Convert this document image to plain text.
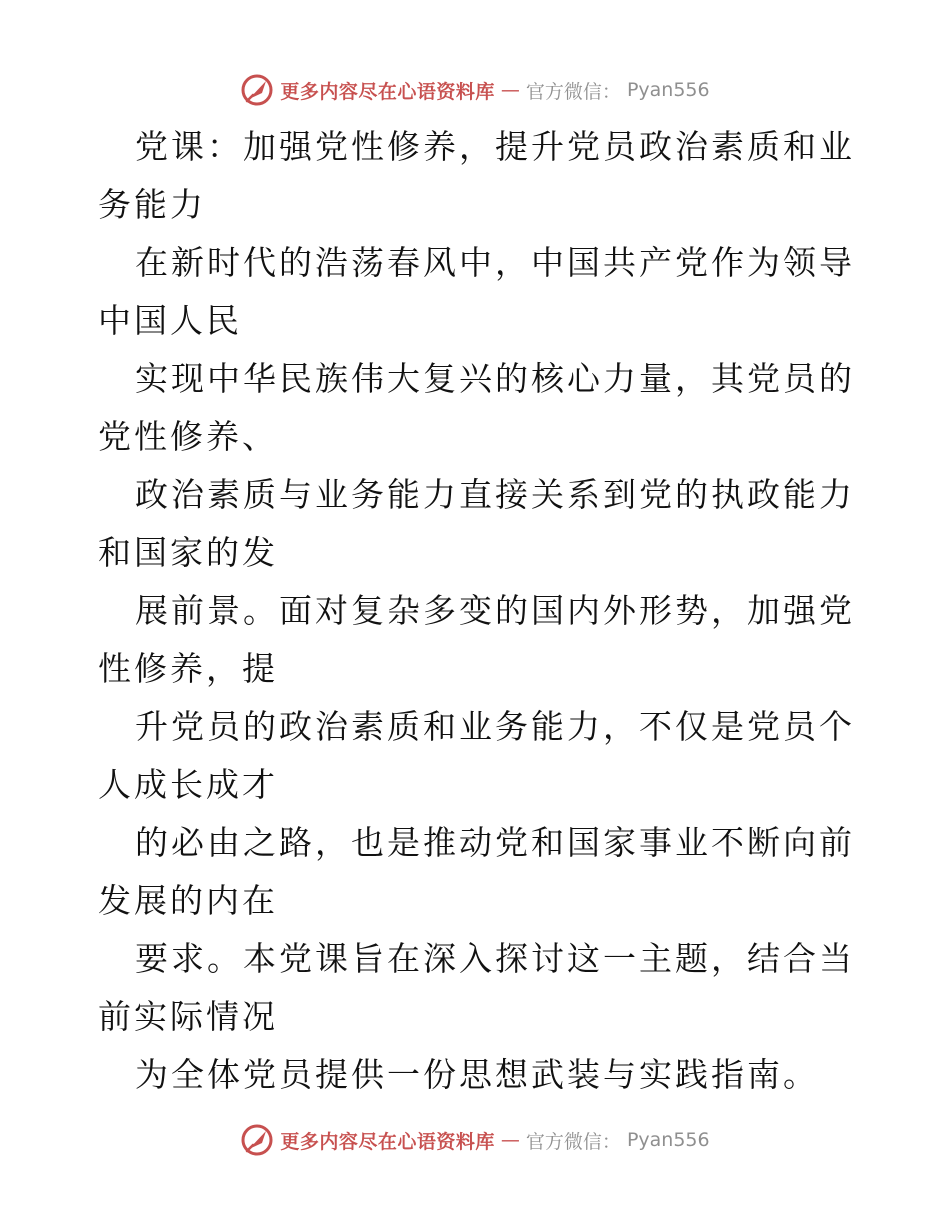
更多内容尽在心语资料库 — 官方微信： Pyan556

党课：加强党性修养，提升党员政治素质和业务能力

在新时代的浩荡春风中，中国共产党作为领导中国人民

实现中华民族伟大复兴的核心力量，其党员的党性修养、

政治素质与业务能力直接关系到党的执政能力和国家的发

展前景。面对复杂多变的国内外形势，加强党性修养，提

升党员的政治素质和业务能力，不仅是党员个人成长成才

的必由之路，也是推动党和国家事业不断向前发展的内在

要求。本党课旨在深入探讨这一主题，结合当前实际情况

为全体党员提供一份思想武装与实践指南。

更多内容尽在心语资料库 — 官方微信： Pyan556
